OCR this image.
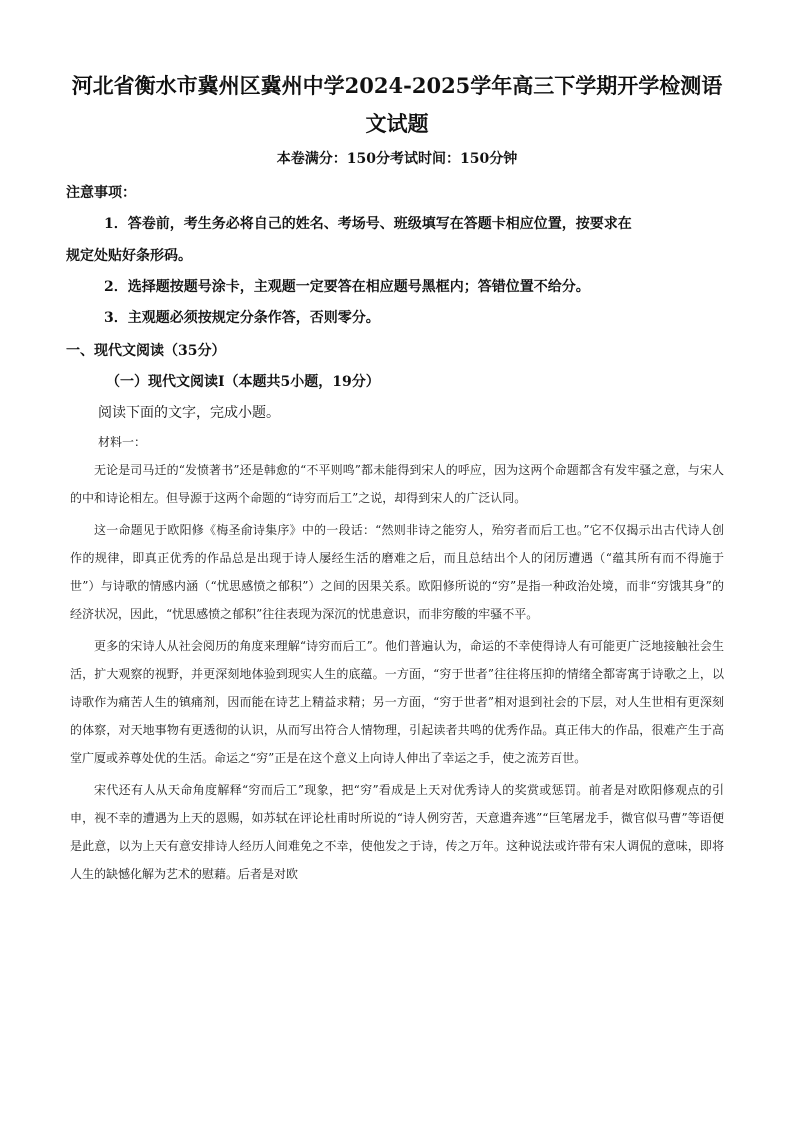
河北省衡水市冀州区冀州中学2024-2025学年高三下学期开学检测语
文试题
本卷满分：150分考试时间：150分钟
注意事项：
1．答卷前，考生务必将自己的姓名、考场号、班级填写在答题卡相应位置，按要求在
规定处贴好条形码。
2．选择题按题号涂卡，主观题一定要答在相应题号黑框内；答错位置不给分。
3．主观题必须按规定分条作答，否则零分。
一、现代文阅读（35分）
（一）现代文阅读Ⅰ（本题共5小题，19分）
阅读下面的文字，完成小题。
材料一：

无论是司马迁的“发愤著书”还是韩愈的“不平则鸣”都未能得到宋人的呼应，因为这两个命题都含有发牢骚之意，与宋人的中和诗论相左。但导源于这两个命题的“诗穷而后工”之说，却得到宋人的广泛认同。

这一命题见于欧阳修《梅圣俞诗集序》中的一段话：“然则非诗之能穷人，殆穷者而后工也。”它不仅揭示出古代诗人创作的规律，即真正优秀的作品总是出现于诗人屡经生活的磨难之后，而且总结出个人的闭厉遭遇（“蕴其所有而不得施于世”）与诗歌的情感内涵（“忧思感愤之郁积”）之间的因果关系。欧阳修所说的“穷”是指一种政治处境，而非“穷饿其身”的经济状况，因此，“忧思感愤之郁积”往往表现为深沉的忧患意识，而非穷酸的牢骚不平。

更多的宋诗人从社会阅历的角度来理解“诗穷而后工”。他们普遍认为，命运的不幸使得诗人有可能更广泛地接触社会生活，扩大观察的视野，并更深刻地体验到现实人生的底蕴。一方面，“穷于世者”往往将压抑的情绪全都寄寓于诗歌之上，以诗歌作为痛苦人生的镇痛剂，因而能在诗艺上精益求精；另一方面，“穷于世者”相对退到社会的下层，对人生世相有更深刻的体察，对天地事物有更透彻的认识，从而写出符合人情物理，引起读者共鸣的优秀作品。真正伟大的作品，很难产生于高堂广厦或养尊处优的生活。命运之“穷”正是在这个意义上向诗人伸出了幸运之手，使之流芳百世。

宋代还有人从天命角度解释“穷而后工”现象，把“穷”看成是上天对优秀诗人的奖赏或惩罚。前者是对欧阳修观点的引申，视不幸的遭遇为上天的恩赐，如苏轼在评论杜甫时所说的“诗人例穷苦，天意遣奔逃”“巨笔屠龙手，微官似马曹”等语便是此意，以为上天有意安排诗人经历人间难免之不幸，使他发之于诗，传之万年。这种说法或许带有宋人调侃的意味，即将人生的缺憾化解为艺术的慰藉。后者是对欧
